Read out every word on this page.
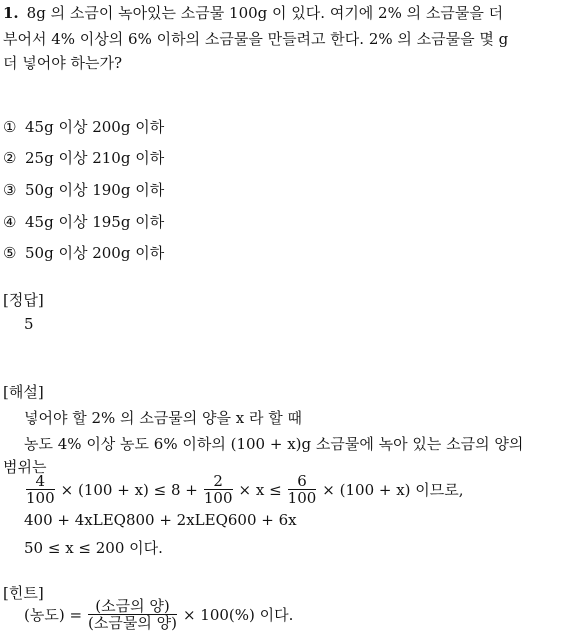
1. 8g 의 소금이 녹아있는 소금물 100g 이 있다. 여기에 2% 의 소금물을 더
부어서 4% 이상의 6% 이하의 소금물을 만들려고 한다. 2% 의 소금물을 몇 g
더 넣어야 하는가?
① 45g 이상 200g 이하
② 25g 이상 210g 이하
③ 50g 이상 190g 이하
④ 45g 이상 195g 이하
⑤ 50g 이상 200g 이하
[정답]
5
[해설]
넣어야 할 2% 의 소금물의 양을 x 라 할 때
농도 4% 이상 농도 6% 이하의 (100 + x)g 소금물에 녹아 있는 소금의 양의
범위는
$\frac{4}{100} \times (100 + x) \le 8 + \frac{2}{100} \times x \le \frac{6}{100} \times (100 + x)$ 이므로,
400 + 4xLEQ800 + 2xLEQ600 + 6x
50 ≤ x ≤ 200 이다.
[힌트]
(농도) = $\frac{\text{(소금의 양)}}{\text{(소금물의 양)}} \times 100(\%)$ 이다.
